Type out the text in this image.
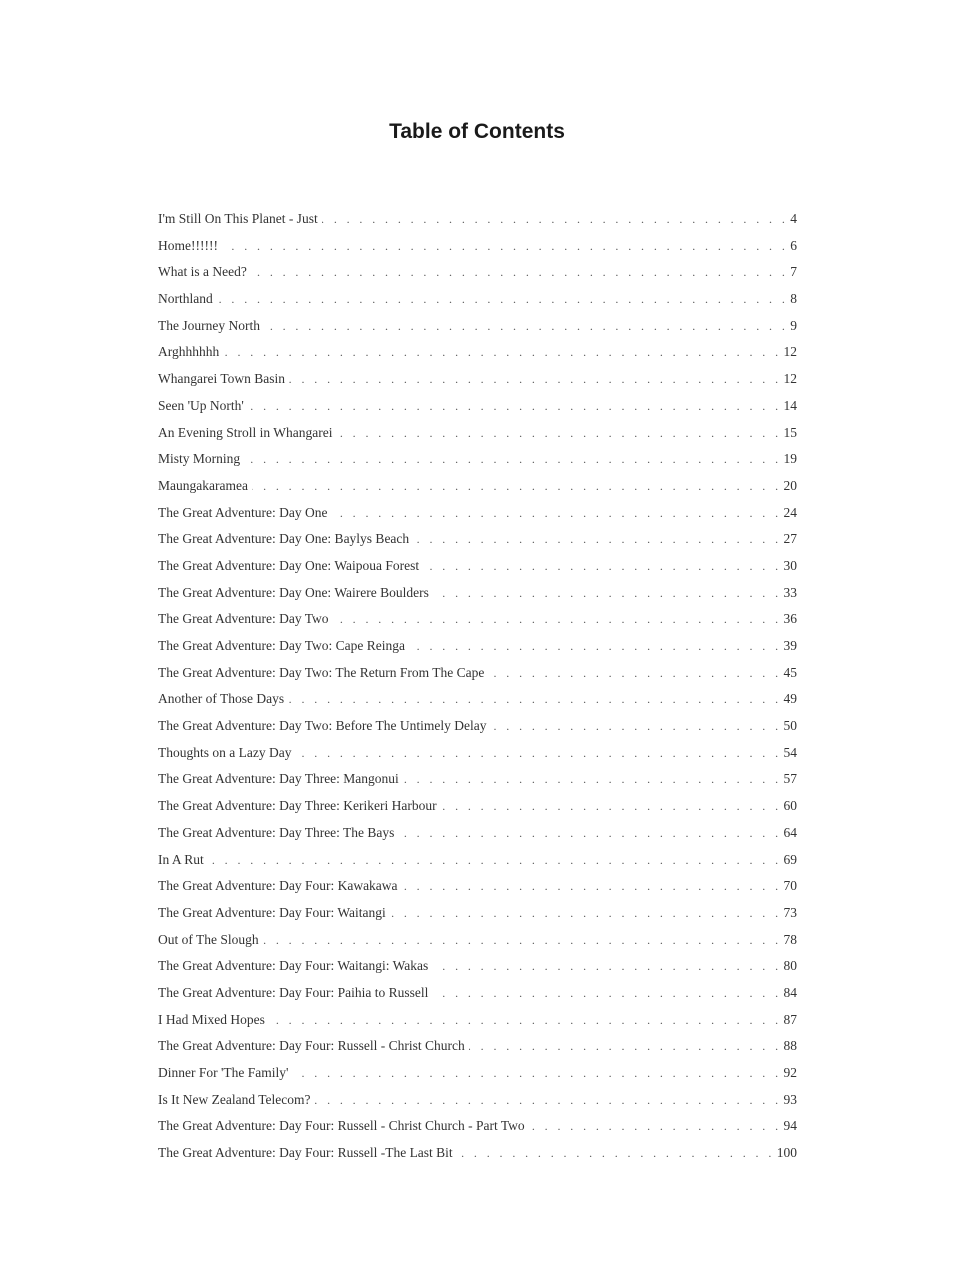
Table of Contents
I'm Still On This Planet - Just . . .	4
Home!!!!!! . . .	6
What is a Need? . . .	7
Northland . . .	8
The Journey North . . .	9
Arghhhhhh . . .	12
Whangarei Town Basin . . .	12
Seen 'Up North' . . .	14
An Evening Stroll in Whangarei . . .	15
Misty Morning . . .	19
Maungakaramea . . .	20
The Great Adventure: Day One . . .	24
The Great Adventure: Day One: Baylys Beach . . .	27
The Great Adventure: Day One: Waipoua Forest . . .	30
The Great Adventure: Day One: Wairere Boulders . . .	33
The Great Adventure: Day Two . . .	36
The Great Adventure: Day Two: Cape Reinga . . .	39
The Great Adventure: Day Two: The Return From The Cape . . .	45
Another of Those Days . . .	49
The Great Adventure: Day Two: Before The Untimely Delay . . .	50
Thoughts on a Lazy Day . . .	54
The Great Adventure: Day Three: Mangonui . . .	57
The Great Adventure: Day Three: Kerikeri Harbour . . .	60
The Great Adventure: Day Three: The Bays . . .	64
In A Rut . . .	69
The Great Adventure: Day Four: Kawakawa . . .	70
The Great Adventure: Day Four: Waitangi . . .	73
Out of The Slough . . .	78
The Great Adventure: Day Four: Waitangi: Wakas . . .	80
The Great Adventure: Day Four: Paihia to Russell . . .	84
I Had Mixed Hopes . . .	87
The Great Adventure: Day Four: Russell - Christ Church . . .	88
Dinner For 'The Family' . . .	92
Is It New Zealand Telecom? . . .	93
The Great Adventure: Day Four: Russell - Christ Church - Part Two . . .	94
The Great Adventure: Day Four: Russell -The Last Bit . . .	100
